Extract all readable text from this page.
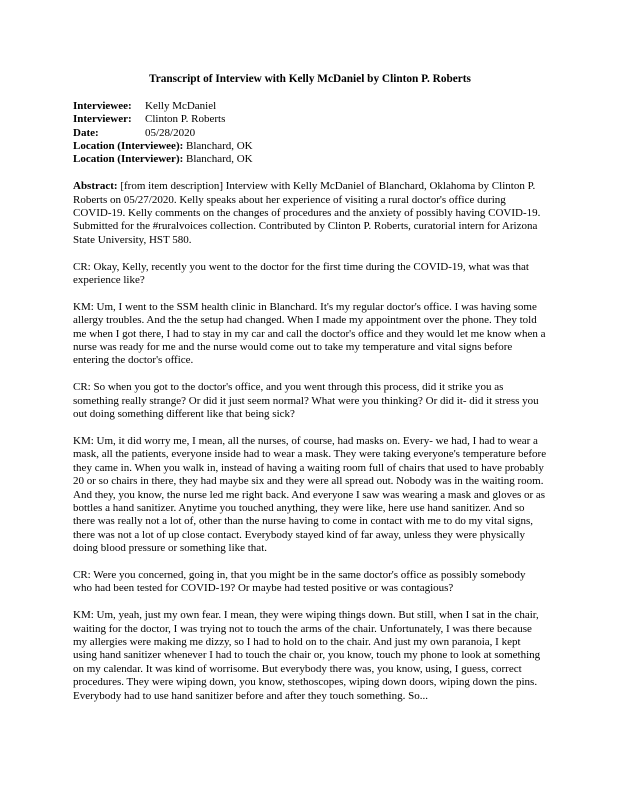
Transcript of Interview with Kelly McDaniel by Clinton P. Roberts
Interviewee: Kelly McDaniel
Interviewer: Clinton P. Roberts
Date:	05/28/2020
Location (Interviewee): Blanchard, OK
Location (Interviewer): Blanchard, OK

Abstract: [from item description] Interview with Kelly McDaniel of Blanchard, Oklahoma by Clinton P. Roberts on 05/27/2020. Kelly speaks about her experience of visiting a rural doctor's office during COVID-19. Kelly comments on the changes of procedures and the anxiety of possibly having COVID-19. Submitted for the #ruralvoices collection. Contributed by Clinton P. Roberts, curatorial intern for Arizona State University, HST 580.

CR: Okay, Kelly, recently you went to the doctor for the first time during the COVID-19, what was that experience like?

KM: Um, I went to the SSM health clinic in Blanchard. It's my regular doctor's office. I was having some allergy troubles. And the the setup had changed. When I made my appointment over the phone. They told me when I got there, I had to stay in my car and call the doctor's office and they would let me know when a nurse was ready for me and the nurse would come out to take my temperature and vital signs before entering the doctor's office.

CR: So when you got to the doctor's office, and you went through this process, did it strike you as something really strange? Or did it just seem normal? What were you thinking? Or did it- did it stress you out doing something different like that being sick?

KM: Um, it did worry me, I mean, all the nurses, of course, had masks on. Every- we had, I had to wear a mask, all the patients, everyone inside had to wear a mask. They were taking everyone's temperature before they came in. When you walk in, instead of having a waiting room full of chairs that used to have probably 20 or so chairs in there, they had maybe six and they were all spread out. Nobody was in the waiting room. And they, you know, the nurse led me right back. And everyone I saw was wearing a mask and gloves or as bottles a hand sanitizer. Anytime you touched anything, they were like, here use hand sanitizer. And so there was really not a lot of, other than the nurse having to come in contact with me to do my vital signs, there was not a lot of up close contact. Everybody stayed kind of far away, unless they were physically doing blood pressure or something like that.

CR: Were you concerned, going in, that you might be in the same doctor's office as possibly somebody who had been tested for COVID-19? Or maybe had tested positive or was contagious?

KM: Um, yeah, just my own fear. I mean, they were wiping things down. But still, when I sat in the chair, waiting for the doctor, I was trying not to touch the arms of the chair. Unfortunately, I was there because my allergies were making me dizzy, so I had to hold on to the chair. And just my own paranoia, I kept using hand sanitizer whenever I had to touch the chair or, you know, touch my phone to look at something on my calendar. It was kind of worrisome. But everybody there was, you know, using, I guess, correct procedures. They were wiping down, you know, stethoscopes, wiping down doors, wiping down the pins. Everybody had to use hand sanitizer before and after they touch something. So...
